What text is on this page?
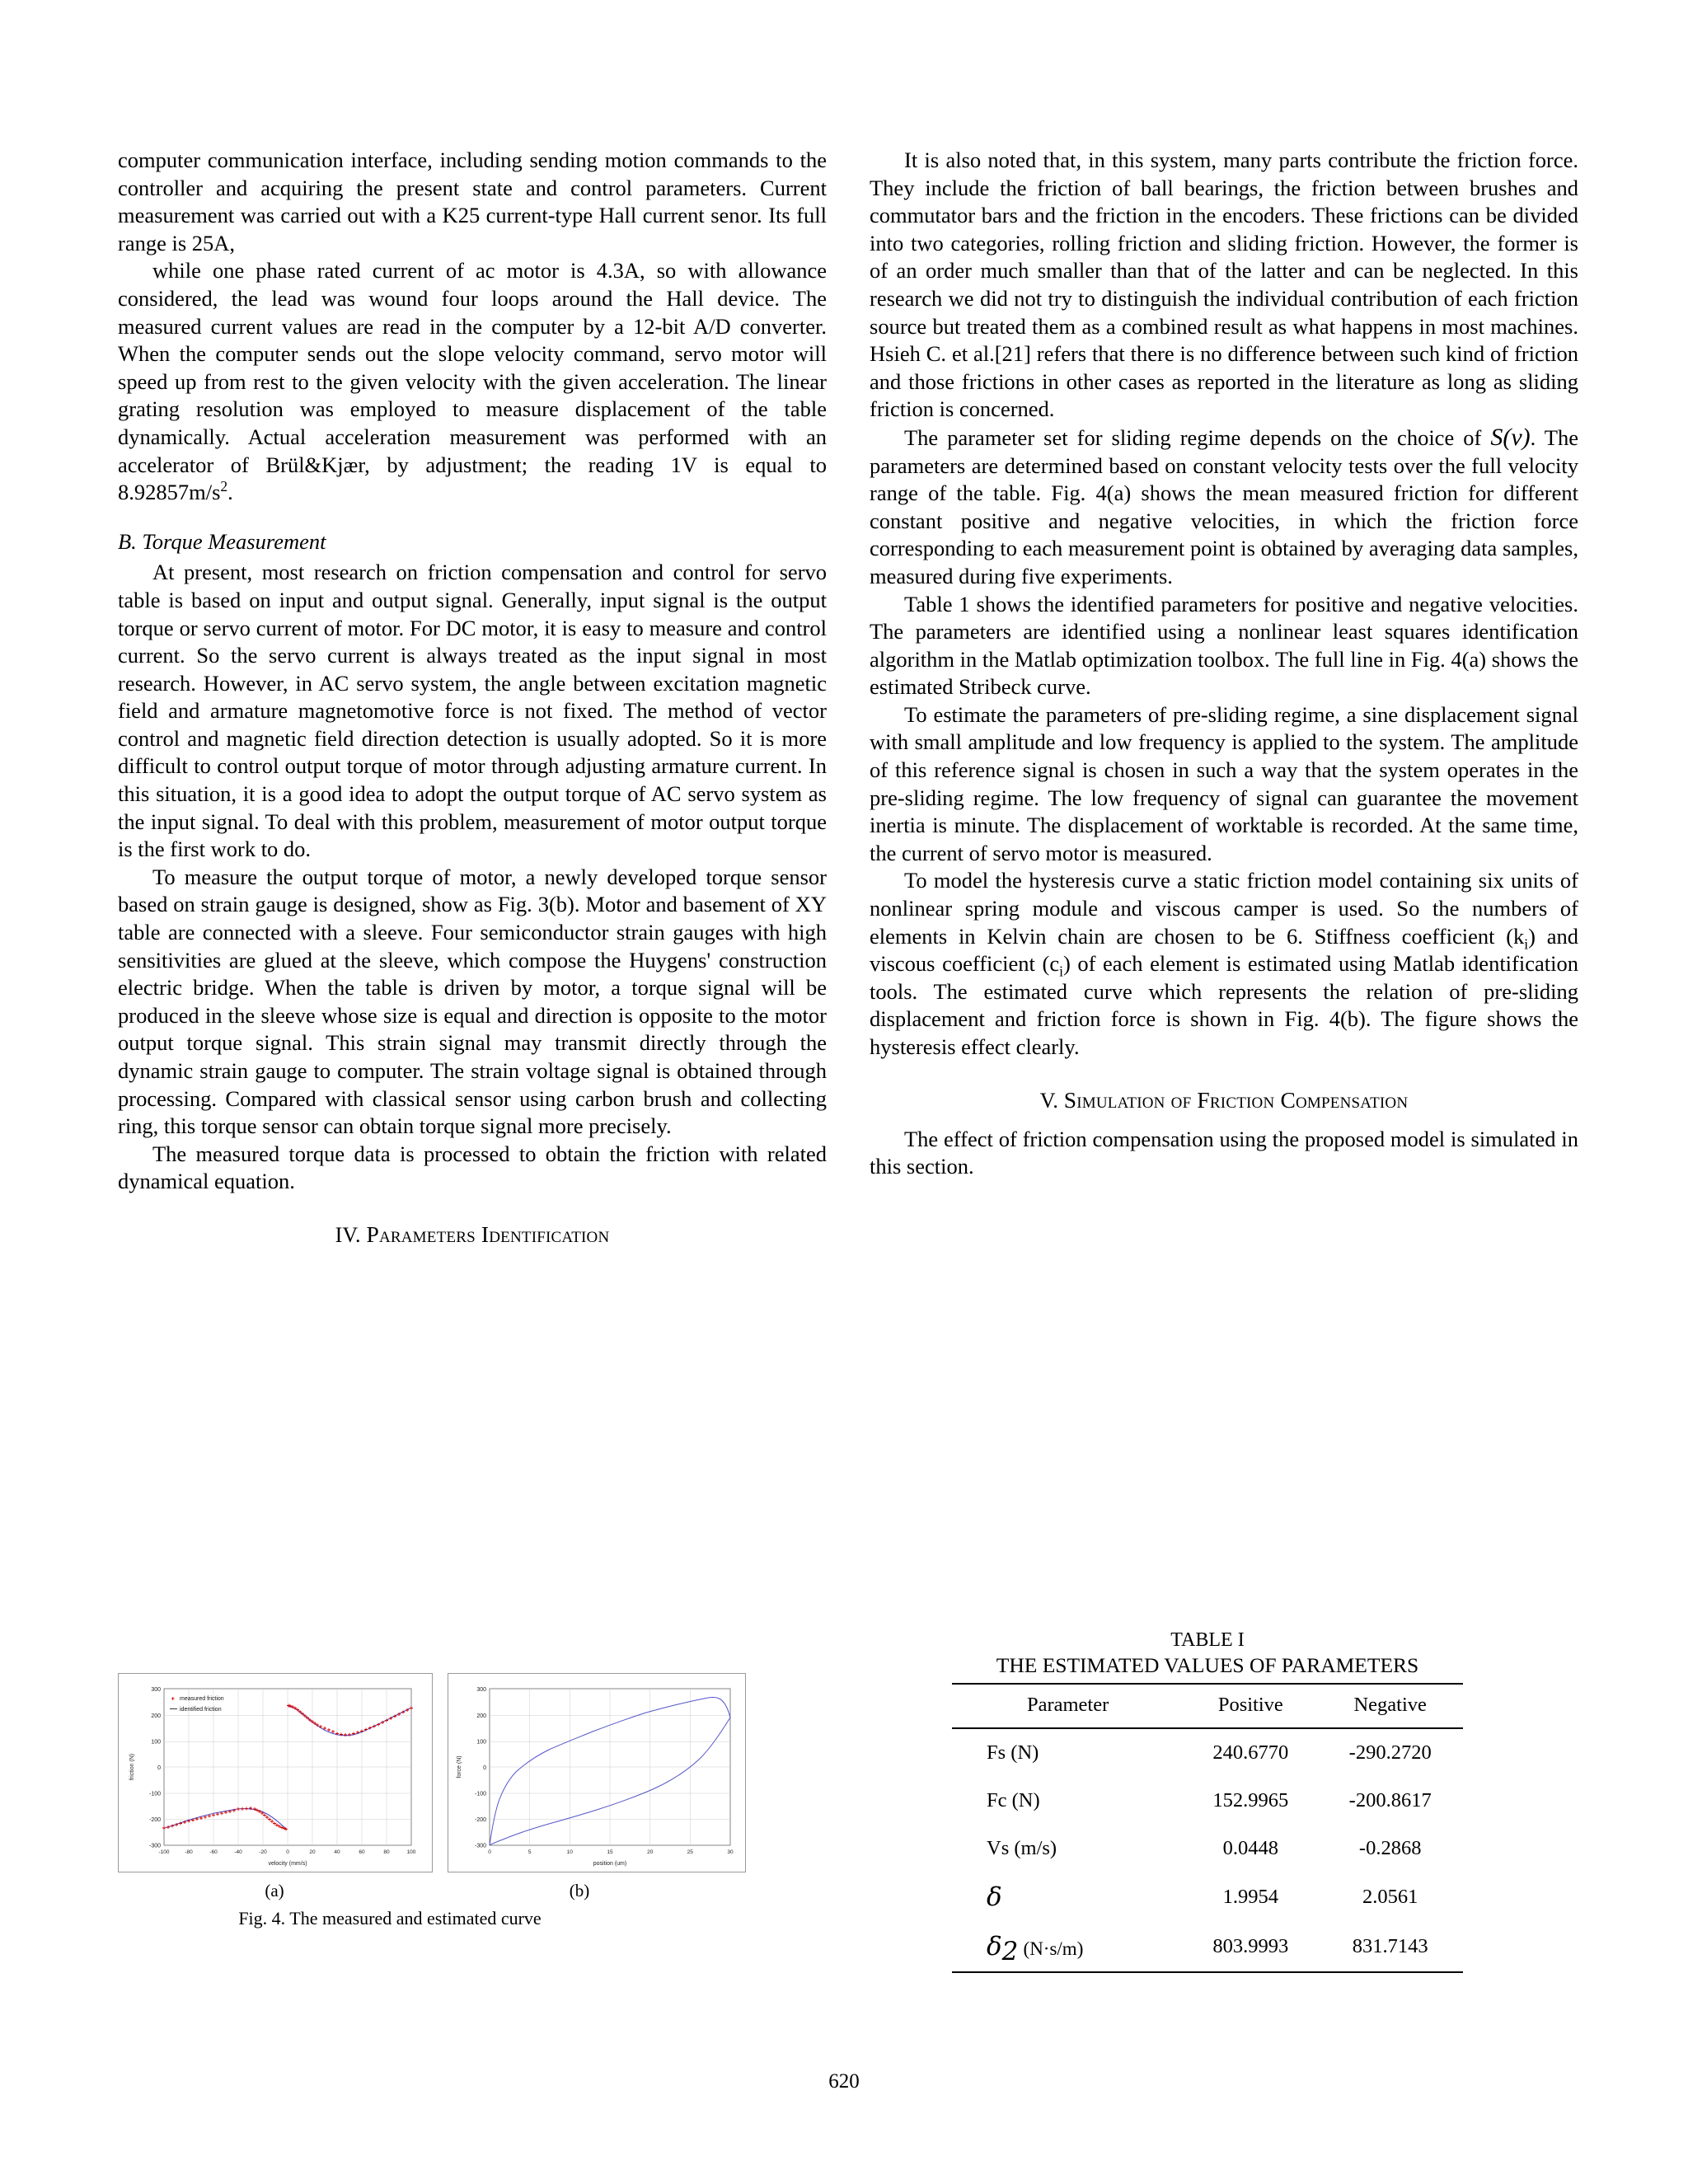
computer communication interface, including sending motion commands to the controller and acquiring the present state and control parameters. Current measurement was carried out with a K25 current-type Hall current senor. Its full range is 25A,

while one phase rated current of ac motor is 4.3A, so with allowance considered, the lead was wound four loops around the Hall device. The measured current values are read in the computer by a 12-bit A/D converter. When the computer sends out the slope velocity command, servo motor will speed up from rest to the given velocity with the given acceleration. The linear grating resolution was employed to measure displacement of the table dynamically. Actual acceleration measurement was performed with an accelerator of Brül&Kjær, by adjustment; the reading 1V is equal to $8.92857m/s^2$.

B. Torque Measurement

At present, most research on friction compensation and control for servo table is based on input and output signal. Generally, input signal is the output torque or servo current of motor. For DC motor, it is easy to measure and control current. So the servo current is always treated as the input signal in most research. However, in AC servo system, the angle between excitation magnetic field and armature magnetomotive force is not fixed. The method of vector control and magnetic field direction detection is usually adopted. So it is more difficult to control output torque of motor through adjusting armature current. In this situation, it is a good idea to adopt the output torque of AC servo system as the input signal. To deal with this problem, measurement of motor output torque is the first work to do.

To measure the output torque of motor, a newly developed torque sensor based on strain gauge is designed, show as Fig. 3(b). Motor and basement of XY table are connected with a sleeve. Four semiconductor strain gauges with high sensitivities are glued at the sleeve, which compose the Huygens' construction electric bridge. When the table is driven by motor, a torque signal will be produced in the sleeve whose size is equal and direction is opposite to the motor output torque signal. This strain signal may transmit directly through the dynamic strain gauge to computer. The strain voltage signal is obtained through processing. Compared with classical sensor using carbon brush and collecting ring, this torque sensor can obtain torque signal more precisely.

The measured torque data is processed to obtain the friction with related dynamical equation.

IV. Parameters Identification

It is also noted that, in this system, many parts contribute the friction force. They include the friction of ball bearings, the friction between brushes and commutator bars and the friction in the encoders. These frictions can be divided into two categories, rolling friction and sliding friction. However, the former is of an order much smaller than that of the latter and can be neglected. In this research we did not try to distinguish the individual contribution of each friction source but treated them as a combined result as what happens in most machines. Hsieh C. et al.[21] refers that there is no difference between such kind of friction and those frictions in other cases as reported in the literature as long as sliding friction is concerned.

The parameter set for sliding regime depends on the choice of S(v). The parameters are determined based on constant velocity tests over the full velocity range of the table. Fig. 4(a) shows the mean measured friction for different constant positive and negative velocities, in which the friction force corresponding to each measurement point is obtained by averaging data samples, measured during five experiments.

Table 1 shows the identified parameters for positive and negative velocities. The parameters are identified using a nonlinear least squares identification algorithm in the Matlab optimization toolbox. The full line in Fig. 4(a) shows the estimated Stribeck curve.

To estimate the parameters of pre-sliding regime, a sine displacement signal with small amplitude and low frequency is applied to the system. The amplitude of this reference signal is chosen in such a way that the system operates in the pre-sliding regime. The low frequency of signal can guarantee the movement inertia is minute. The displacement of worktable is recorded. At the same time, the current of servo motor is measured.

To model the hysteresis curve a static friction model containing six units of nonlinear spring module and viscous camper is used. So the numbers of elements in Kelvin chain are chosen to be 6. Stiffness coefficient $(k_i)$ and viscous coefficient $(c_i)$ of each element is estimated using Matlab identification tools. The estimated curve which represents the relation of pre-sliding displacement and friction force is shown in Fig. 4(b). The figure shows the hysteresis effect clearly.

V. Simulation of Friction Compensation

The effect of friction compensation using the proposed model is simulated in this section.

300
200
100
0
-100
-200
-300
-100	-80	-60	-40	-20	0	20	40	60	80	100
velocity (mm/s)
friction (N)
measured friction
identified friction
300
200
100
0
-100
-200
-300
0	5	10	15	20	25	30
position (um)
force (N)
(a)	(b)
Fig. 4. The measured and estimated curve
TABLE I
THE ESTIMATED VALUES OF PARAMETERS
Parameter	Positive	Negative
Fs (N)	240.6770	-290.2720
Fc (N)	152.9965	-200.8617
Vs (m/s)	0.0448	-0.2868
δ	1.9954	2.0561
$\delta_2$ (N·s/m)	803.9993	831.7143
620
